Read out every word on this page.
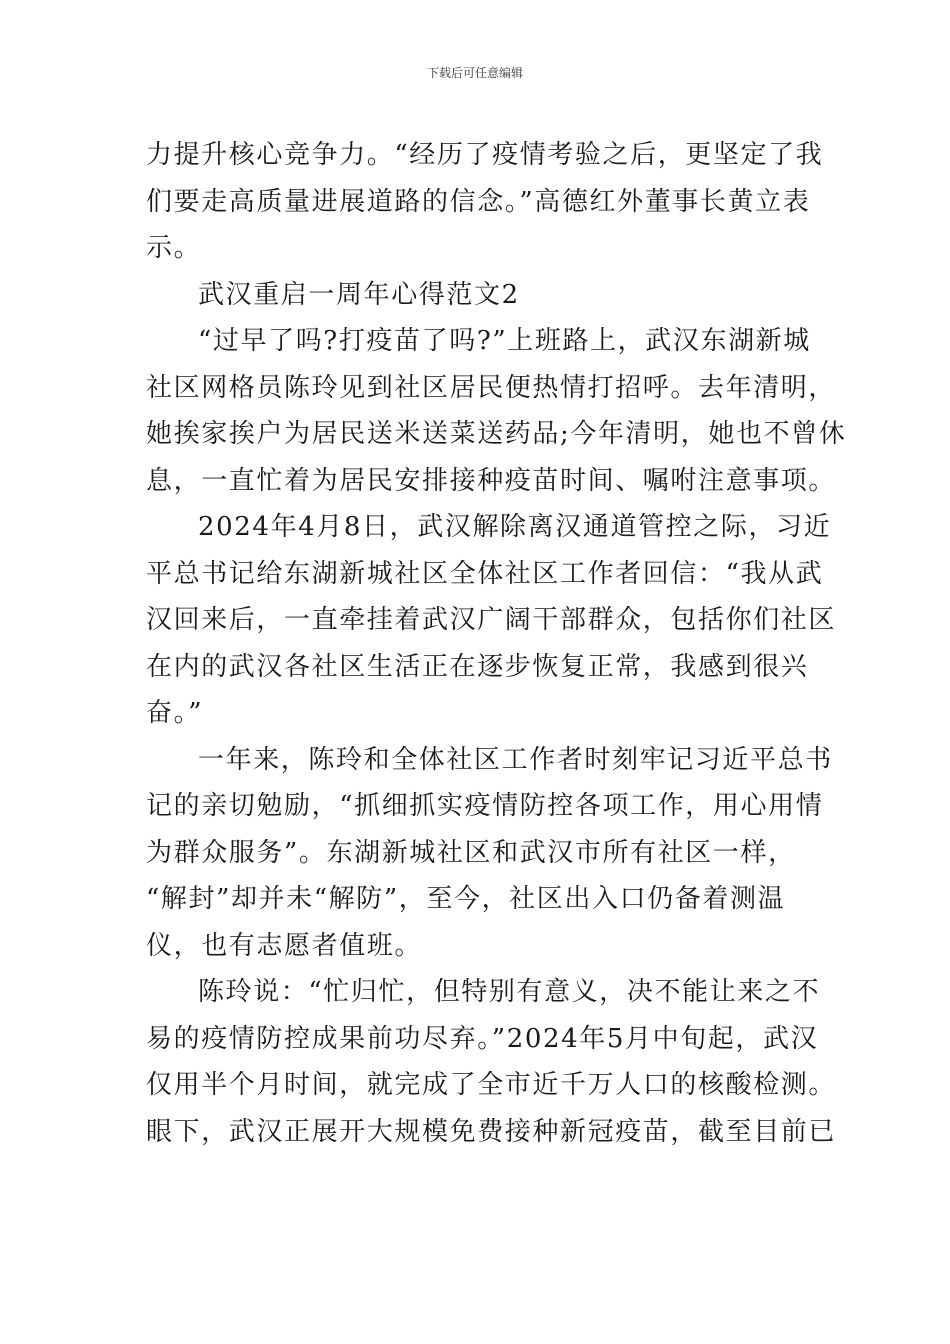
下载后可任意编辑
力提升核心竞争力。“经历了疫情考验之后，更坚定了我
们要走高质量进展道路的信念。”高德红外董事长黄立表
示。
武汉重启一周年心得范文2
“过早了吗?打疫苗了吗?”上班路上，武汉东湖新城
社区网格员陈玲见到社区居民便热情打招呼。去年清明，
她挨家挨户为居民送米送菜送药品;今年清明，她也不曾休
息，一直忙着为居民安排接种疫苗时间、嘱咐注意事项。
2024年4月8日，武汉解除离汉通道管控之际，习近
平总书记给东湖新城社区全体社区工作者回信：“我从武
汉回来后，一直牵挂着武汉广阔干部群众，包括你们社区
在内的武汉各社区生活正在逐步恢复正常，我感到很兴
奋。”
一年来，陈玲和全体社区工作者时刻牢记习近平总书
记的亲切勉励，“抓细抓实疫情防控各项工作，用心用情
为群众服务”。东湖新城社区和武汉市所有社区一样，
“解封”却并未“解防”，至今，社区出入口仍备着测温
仪，也有志愿者值班。
陈玲说：“忙归忙，但特别有意义，决不能让来之不
易的疫情防控成果前功尽弃。”2024年5月中旬起，武汉
仅用半个月时间，就完成了全市近千万人口的核酸检测。
眼下，武汉正展开大规模免费接种新冠疫苗，截至目前已
